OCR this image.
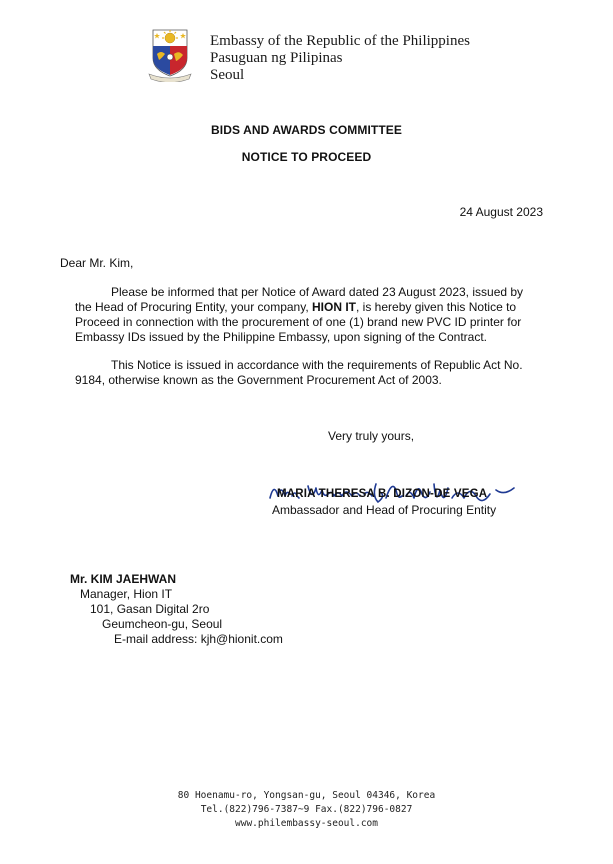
Embassy of the Republic of the Philippines
Pasuguan ng Pilipinas
Seoul
BIDS AND AWARDS COMMITTEE
NOTICE TO PROCEED
24 August 2023
Dear Mr. Kim,
Please be informed that per Notice of Award dated 23 August 2023, issued by
the Head of Procuring Entity, your company, HION IT, is hereby given this Notice to
Proceed in connection with the procurement of one (1) brand new PVC ID printer for
Embassy IDs issued by the Philippine Embassy, upon signing of the Contract.
This Notice is issued in accordance with the requirements of Republic Act No.
9184, otherwise known as the Government Procurement Act of 2003.
Very truly yours,
MARIA THERESA B. DIZON-DE VEGA
Ambassador and Head of Procuring Entity
Mr. KIM JAEHWAN
Manager, Hion IT
101, Gasan Digital 2ro
Geumcheon-gu, Seoul
E-mail address: kjh@hionit.com
80 Hoenamu-ro, Yongsan-gu, Seoul 04346, Korea
Tel.(822)796-7387~9 Fax.(822)796-0827
www.philembassy-seoul.com
